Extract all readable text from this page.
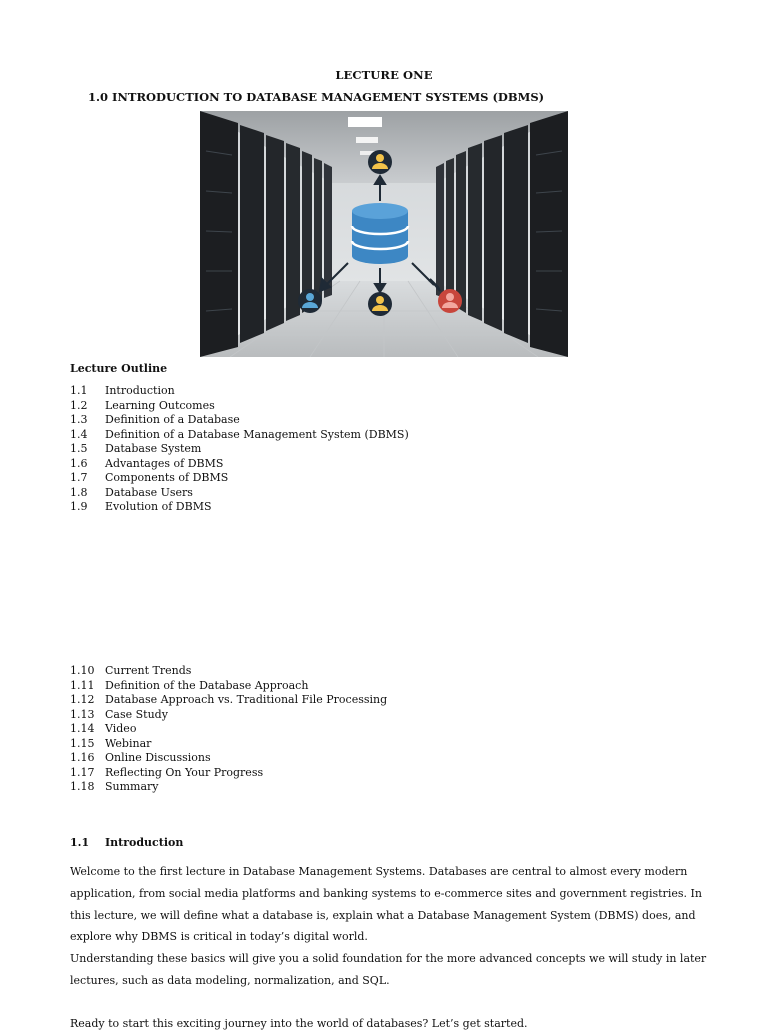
LECTURE ONE
1.0 INTRODUCTION TO DATABASE MANAGEMENT SYSTEMS (DBMS)
Lecture Outline
1.1	Introduction
1.2	Learning Outcomes
1.3	Definition of a Database
1.4	Definition of a Database Management System (DBMS)
1.5	Database System
1.6	Advantages of DBMS
1.7	Components of DBMS
1.8	Database Users
1.9	Evolution of DBMS
1.10 Current Trends
1.11 Definition of the Database Approach
1.12 Database Approach vs. Traditional File Processing
1.13 Case Study
1.14 Video
1.15 Webinar
1.16 Online Discussions
1.17 Reflecting On Your Progress
1.18 Summary
1.1 Introduction

Welcome to the first lecture in Database Management Systems. Databases are central to almost every modern application, from social media platforms and banking systems to e-commerce sites and government registries. In this lecture, we will define what a database is, explain what a Database Management System (DBMS) does, and explore why DBMS is critical in today’s digital world.

Understanding these basics will give you a solid foundation for the more advanced concepts we will study in later lectures, such as data modeling, normalization, and SQL.

Ready to start this exciting journey into the world of databases? Let’s get started.
